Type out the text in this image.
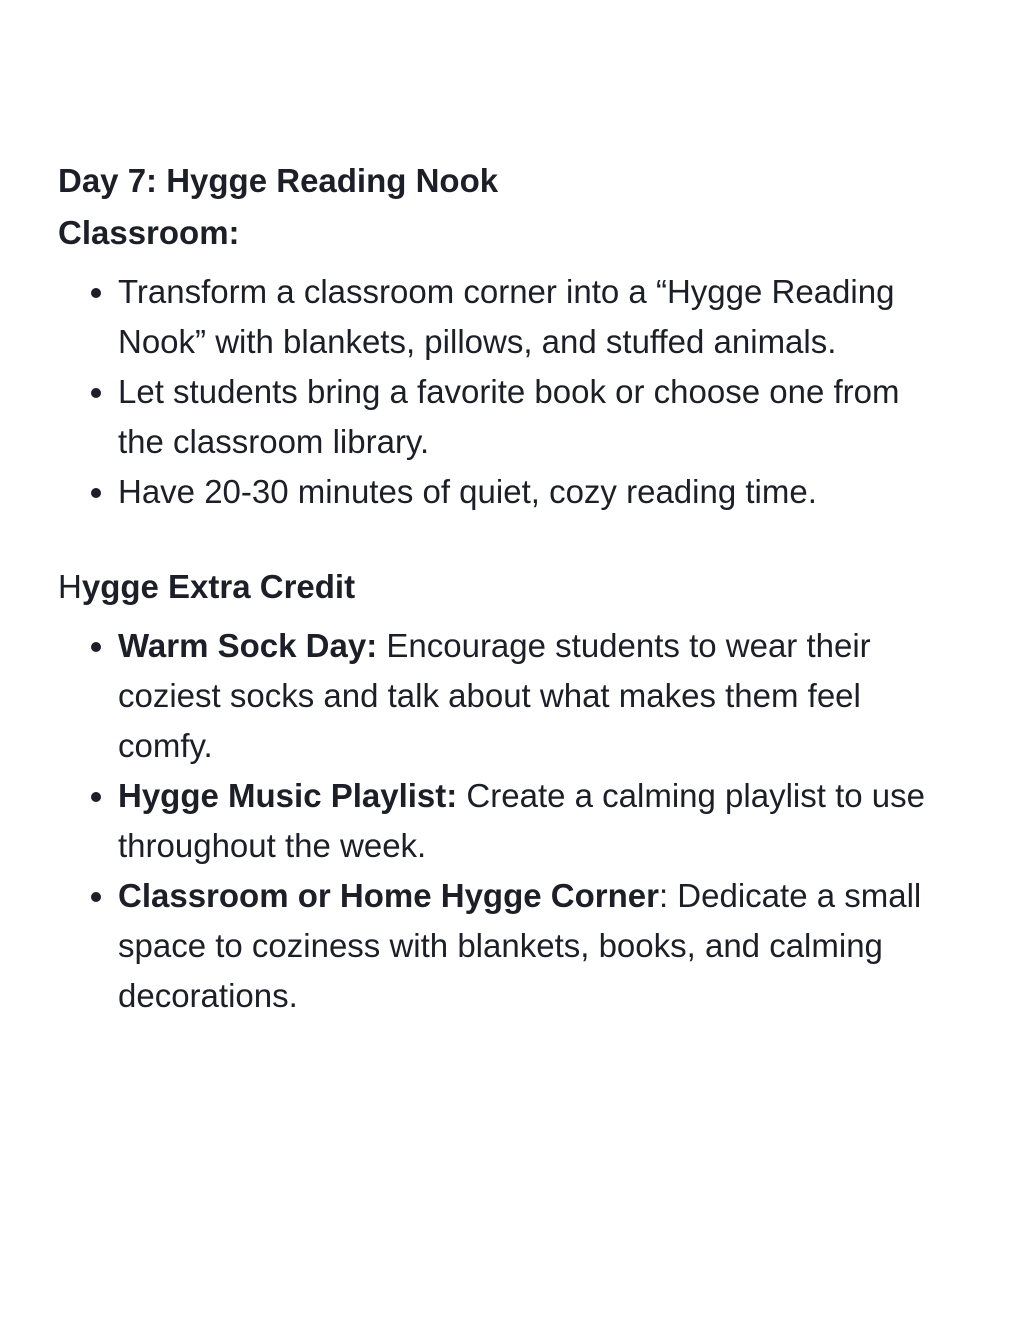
Day 7: Hygge Reading Nook
Classroom:
• Transform a classroom corner into a “Hygge Reading Nook” with blankets, pillows, and stuffed animals.
• Let students bring a favorite book or choose one from the classroom library.
• Have 20-30 minutes of quiet, cozy reading time.

Hygge Extra Credit

• Warm Sock Day: Encourage students to wear their coziest socks and talk about what makes them feel comfy.
• Hygge Music Playlist: Create a calming playlist to use throughout the week.
• Classroom or Home Hygge Corner: Dedicate a small space to coziness with blankets, books, and calming decorations.
